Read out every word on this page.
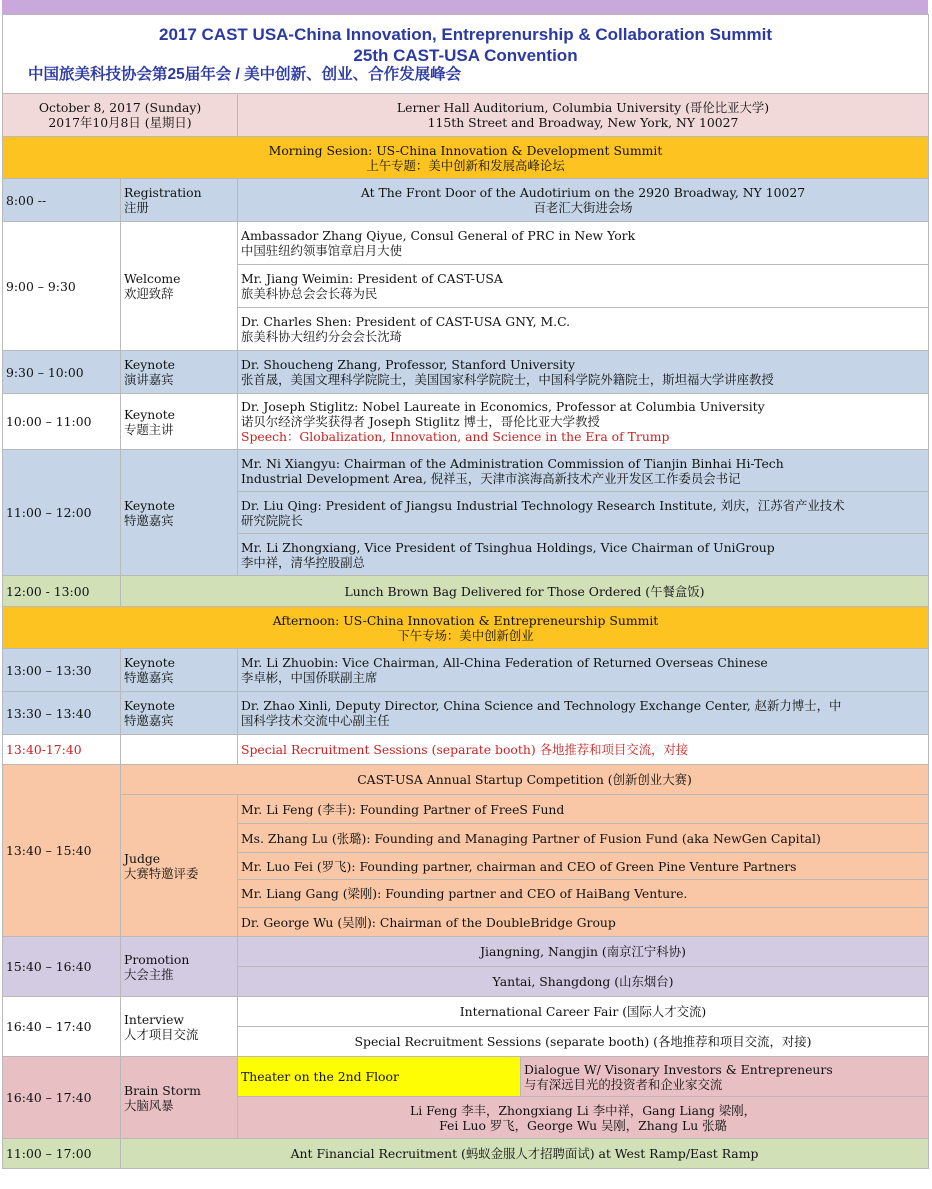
2017 CAST USA-China Innovation, Entreprenurship & Collaboration Summit
25th CAST-USA Convention
中国旅美科技协会第25届年会 / 美中创新、创业、合作发展峰会			

October 8, 2017 (Sunday)
2017年10月8日 (星期日)		Lerner Hall Auditorium, Columbia University (哥伦比亚大学)
115th Street and Broadway, New York, NY 10027	

Morning Sesion: US-China Innovation & Development Summit
上午专题：美中创新和发展高峰论坛			

8:00 --	Registration
注册	At The Front Door of the Audotirium on the 2920 Broadway, NY 10027
百老汇大街进会场	

9:00 – 9:30	Welcome
欢迎致辞	Ambassador Zhang Qiyue, Consul General of PRC in New York
中国驻纽约领事馆章启月大使	

		Mr. Jiang Weimin: President of CAST-USA
旅美科协总会会长蒋为民	

		Dr. Charles Shen: President of CAST-USA GNY, M.C.
旅美科协大纽约分会会长沈琦	

9:30 – 10:00	Keynote
演讲嘉宾	Dr. Shoucheng Zhang, Professor, Stanford University
张首晟，美国文理科学院院士，美国国家科学院院士，中国科学院外籍院士，斯坦福大学讲座教授	

10:00 – 11:00	Keynote
专题主讲	Dr. Joseph Stiglitz: Nobel Laureate in Economics, Professor at Columbia University
诺贝尔经济学奖获得者 Joseph Stiglitz 博士，哥伦比亚大学教授
Speech：Globalization, Innovation, and Science in the Era of Trump	

11:00 – 12:00	Keynote
特邀嘉宾	Mr. Ni Xiangyu: Chairman of the Administration Commission of Tianjin Binhai Hi-Tech
Industrial Development Area, 倪祥玉，天津市滨海高新技术产业开发区工作委员会书记	

		Dr. Liu Qing: President of Jiangsu Industrial Technology Research Institute, 刘庆，江苏省产业技术
研究院院长	

		Mr. Li Zhongxiang, Vice President of Tsinghua Holdings, Vice Chairman of UniGroup
李中祥，清华控股副总	

12:00 - 13:00	Lunch Brown Bag Delivered for Those Ordered (午餐盒饭)		

Afternoon: US-China Innovation & Entrepreneurship Summit
下午专场：美中创新创业			

13:00 – 13:30	Keynote
特邀嘉宾	Mr. Li Zhuobin: Vice Chairman, All-China Federation of Returned Overseas Chinese
李卓彬，中国侨联副主席	

13:30 – 13:40	Keynote
特邀嘉宾	Dr. Zhao Xinli, Deputy Director, China Science and Technology Exchange Center, 赵新力博士，中
国科学技术交流中心副主任	

13:40-17:40		Special Recruitment Sessions (separate booth) 各地推荐和项目交流，对接	
13:40 – 15:40	CAST-USA Annual Startup Competition (创新创业大赛)		

	Judge
大赛特邀评委	Mr. Li Feng (李丰): Founding Partner of FreeS Fund	
		Ms. Zhang Lu (张璐): Founding and Managing Partner of Fusion Fund (aka NewGen Capital)	
		Mr. Luo Fei (罗飞): Founding partner, chairman and CEO of Green Pine Venture Partners	
		Mr. Liang Gang (梁刚): Founding partner and CEO of HaiBang Venture.	
		Dr. George Wu (吴刚): Chairman of the DoubleBridge Group	
15:40 – 16:40	Promotion
大会主推	Jiangning, Nangjin (南京江宁科协)	
		Yantai, Shangdong (山东烟台)	
16:40 – 17:40	Interview
人才项目交流	International Career Fair (国际人才交流)	
		Special Recruitment Sessions (separate booth) (各地推荐和项目交流，对接)	
16:40 – 17:40	Brain Storm
大脑风暴	Theater on the 2nd Floor	Dialogue W/ Visonary Investors & Entrepreneurs
与有深远目光的投资者和企业家交流

		Li Feng 李丰，Zhongxiang Li 李中祥，Gang Liang 梁刚，
Fei Luo 罗飞，George Wu 吴刚，Zhang Lu 张璐	

11:00 – 17:00	Ant Financial Recruitment (蚂蚁金服人才招聘面试) at West Ramp/East Ramp		
